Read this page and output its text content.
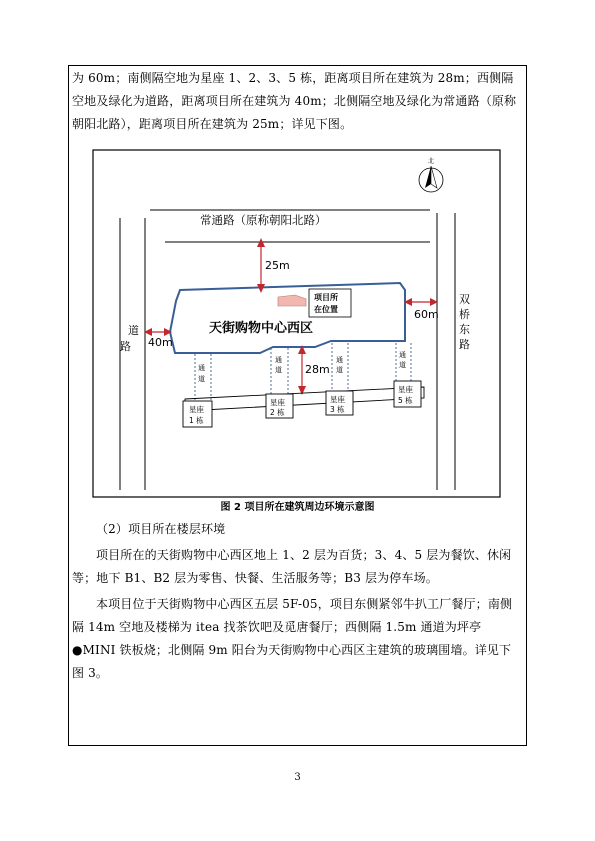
为 60m；南侧隔空地为星座 1、2、3、5 栋，距离项目所在建筑为 28m；西侧隔空地及绿化为道路，距离项目所在建筑为 40m；北侧隔空地及绿化为常通路（原称朝阳北路），距离项目所在建筑为 25m；详见下图。
北
常通路（原称朝阳北路）
道
路
双
桥
东
路
天街购物中心西区
项目所
在位置
25m
60m
40m
28m
通
道
通
道
通
道
通
道
星座
1 栋
星座
2 栋
星座
3 栋
星座
5 栋
图 2 项目所在建筑周边环境示意图
（2）项目所在楼层环境
项目所在的天街购物中心西区地上 1、2 层为百货；3、4、5 层为餐饮、休闲等；地下 B1、B2 层为零售、快餐、生活服务等；B3 层为停车场。
本项目位于天街购物中心西区五层 5F-05，项目东侧紧邻牛扒工厂餐厅；南侧隔 14m 空地及楼梯为 itea 找茶饮吧及觅唐餐厅；西侧隔 1.5m 通道为坪亭●MINI 铁板烧；北侧隔 9m 阳台为天街购物中心西区主建筑的玻璃围墙。详见下图 3。
3
